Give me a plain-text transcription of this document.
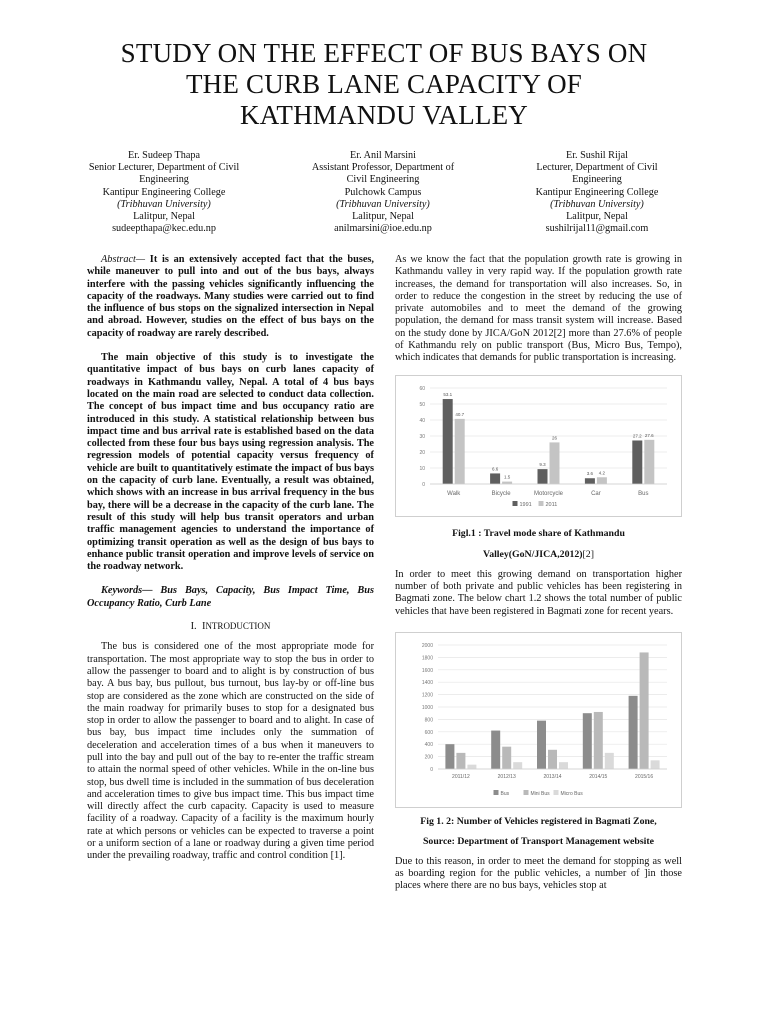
STUDY ON THE EFFECT OF BUS BAYS ON
THE CURB LANE CAPACITY OF
KATHMANDU VALLEY
Er. Sudeep Thapa
Senior Lecturer, Department of Civil
Engineering
Kantipur Engineering College
(Tribhuvan University)
Lalitpur, Nepal
sudeepthapa@kec.edu.np
Er. Anil Marsini
Assistant Professor, Department of
Civil Engineering
Pulchowk Campus
(Tribhuvan University)
Lalitpur, Nepal
anilmarsini@ioe.edu.np
Er. Sushil Rijal
Lecturer, Department of Civil
Engineering
Kantipur Engineering College
(Tribhuvan University)
Lalitpur, Nepal
sushilrijal11@gmail.com

Abstract— It is an extensively accepted fact that the buses, while maneuver to pull into and out of the bus bays, always interfere with the passing vehicles significantly influencing the capacity of the roadways. Many studies were carried out to find the influence of bus stops on the signalized intersection in Nepal and abroad. However, studies on the effect of bus bays on the capacity of roadway are rarely described.

The main objective of this study is to investigate the quantitative impact of bus bays on curb lanes capacity of roadways in Kathmandu valley, Nepal. A total of 4 bus bays located on the main road are selected to conduct data collection. The concept of bus impact time and bus occupancy ratio are introduced in this study. A statistical relationship between bus impact time and bus arrival rate is established based on the data collected from these four bus bays using regression analysis. The regression models of potential capacity versus frequency of vehicle are built to quantitatively estimate the impact of bus bays on the capacity of curb lane. Eventually, a result was obtained, which shows with an increase in bus arrival frequency in the bus bay, there will be a decrease in the capacity of the curb lane. The result of this study will help bus transit operators and urban traffic management agencies to understand the importance of optimizing transit operation as well as the design of bus bays to enhance public transit operation and improve levels of service on the roadway network.

Keywords— Bus Bays, Capacity, Bus Impact Time, Bus Occupancy Ratio, Curb Lane

I. INTRODUCTION

The bus is considered one of the most appropriate mode for transportation. The most appropriate way to stop the bus in order to allow the passenger to board and to alight is by construction of bus bay. A bus bay, bus pullout, bus turnout, bus lay-by or off-line bus stop are considered as the zone which are constructed on the side of the main roadway for primarily buses to stop for a designated bus stop in order to allow the passenger to board and to alight. In case of bus bay, bus impact time includes only the summation of deceleration and acceleration times of a bus when it maneuvers to pull into the bay and pull out of the bay to re-enter the traffic stream to attain the normal speed of other vehicles. While in the on-line bus stop, bus dwell time is included in the summation of bus deceleration and acceleration times to give bus impact time. This bus impact time will directly affect the curb capacity. Capacity is used to measure facility of a roadway. Capacity of a facility is the maximum hourly rate at which persons or vehicles can be expected to traverse a point or a uniform section of a lane or roadway during a given time period under the prevailing roadway, traffic and control condition [1].

As we know the fact that the population growth rate is growing in Kathmandu valley in very rapid way. If the population growth rate increases, the demand for transportation will also increases. So, in order to reduce the congestion in the street by reducing the use of private automobiles and to meet the demand of the growing population, the demand for mass transit system will increase. Based on the study done by JICA/GoN 2012[2] more than 27.6% of people of Kathmandu rely on public transport (Bus, Micro Bus, Tempo), which indicates that demands for public transportation is increasing.

0
10
20
30
40
50
60
53.1
40.7
Walk
6.6
1.5
Bicycle
9.3
26
Motorcycle
3.6 4.2
Car
27.2 27.6
Bus
1991	2011
Figl.1 : Travel mode share of Kathmandu
Valley(GoN/JICA,2012)[2]

In order to meet this growing demand on transportation higher number of both private and public vehicles has been registering in Bagmati zone. The below chart 1.2 shows the total number of public vehicles that have been registered in Bagmati zone for recent years.

0
200
400
600
800
1000
1200
1400
1600
1800
2000
2011/12	2012/13	2013/14	2014/15	2015/16
Bus	Mini Bus Micro Bus
Fig 1. 2: Number of Vehicles registered in Bagmati Zone,
Source: Department of Transport Management website

Due to this reason, in order to meet the demand for stopping as well as boarding region for the public vehicles, a number of ]in those places where there are no bus bays, vehicles stop at
